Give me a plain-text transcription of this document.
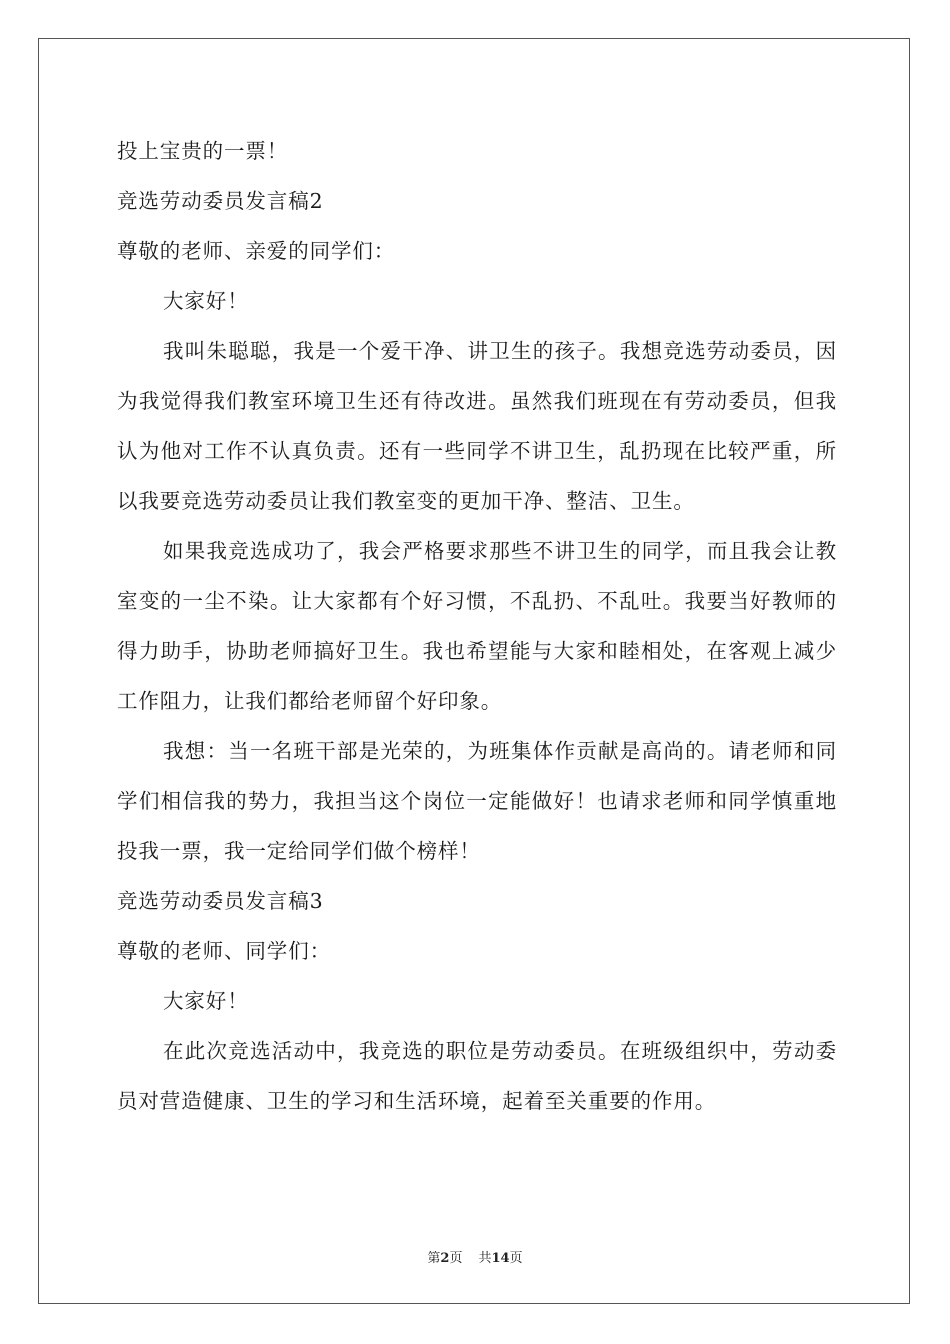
投上宝贵的一票！
竞选劳动委员发言稿2
尊敬的老师、亲爱的同学们：
大家好！
我叫朱聪聪，我是一个爱干净、讲卫生的孩子。我想竞选劳动委员，因为我觉得我们教室环境卫生还有待改进。虽然我们班现在有劳动委员，但我认为他对工作不认真负责。还有一些同学不讲卫生，乱扔现在比较严重，所以我要竞选劳动委员让我们教室变的更加干净、整洁、卫生。
如果我竞选成功了，我会严格要求那些不讲卫生的同学，而且我会让教室变的一尘不染。让大家都有个好习惯，不乱扔、不乱吐。我要当好教师的得力助手，协助老师搞好卫生。我也希望能与大家和睦相处，在客观上减少工作阻力，让我们都给老师留个好印象。
我想：当一名班干部是光荣的，为班集体作贡献是高尚的。请老师和同学们相信我的势力，我担当这个岗位一定能做好！也请求老师和同学慎重地投我一票，我一定给同学们做个榜样！
竞选劳动委员发言稿3
尊敬的老师、同学们：
大家好！
在此次竞选活动中，我竞选的职位是劳动委员。在班级组织中，劳动委员对营造健康、卫生的学习和生活环境，起着至关重要的作用。
第2页 共14页
